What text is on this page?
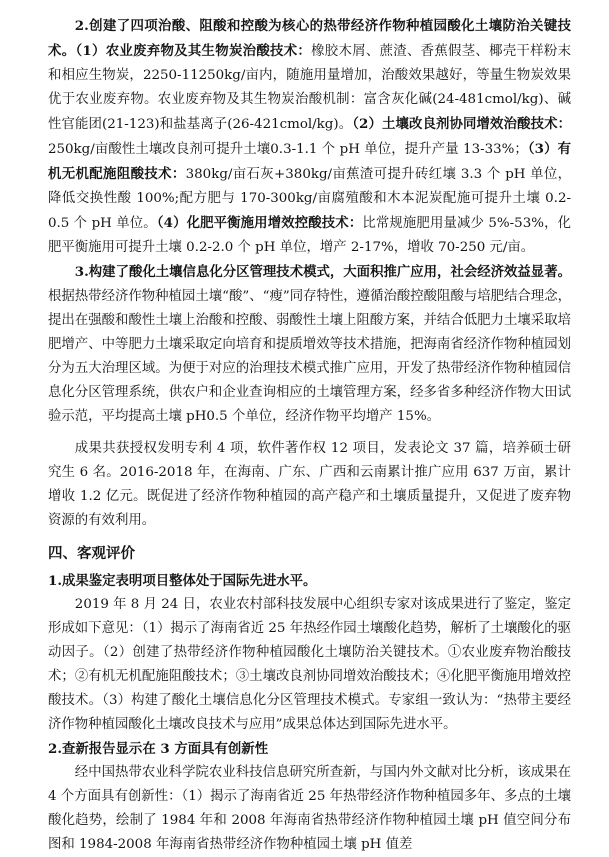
2.创建了四项治酸、阻酸和控酸为核心的热带经济作物种植园酸化土壤防治关键技术。（1）农业废弃物及其生物炭治酸技术：橡胶木屑、蔗渣、香蕉假茎、椰壳干样粉末和相应生物炭，2250-11250kg/亩内，随施用量增加，治酸效果越好，等量生物炭效果优于农业废弃物。农业废弃物及其生物炭治酸机制：富含灰化碱(24-481cmol/kg)、碱性官能团(21-123)和盐基离子(26-421cmol/kg)。（2）土壤改良剂协同增效治酸技术：250kg/亩酸性土壤改良剂可提升土壤0.3-1.1 个 pH 单位，提升产量 13-33%；（3）有机无机配施阻酸技术：380kg/亩石灰+380kg/亩蕉渣可提升砖红壤 3.3 个 pH 单位，降低交换性酸 100%;配方肥与 170-300kg/亩腐殖酸和木本泥炭配施可提升土壤 0.2-0.5 个 pH 单位。（4）化肥平衡施用增效控酸技术：比常规施肥用量减少 5%-53%，化肥平衡施用可提升土壤 0.2-2.0 个 pH 单位，增产 2-17%，增收 70-250 元/亩。

3.构建了酸化土壤信息化分区管理技术模式，大面积推广应用，社会经济效益显著。根据热带经济作物种植园土壤“酸”、“瘦”同存特性，遵循治酸控酸阻酸与培肥结合理念，提出在强酸和酸性土壤上治酸和控酸、弱酸性土壤上阻酸方案，并结合低肥力土壤采取培肥增产、中等肥力土壤采取定向培育和提质增效等技术措施，把海南省经济作物种植园划分为五大治理区域。为便于对应的治理技术模式推广应用，开发了热带经济作物种植园信息化分区管理系统，供农户和企业查询相应的土壤管理方案，经多省多种经济作物大田试验示范，平均提高土壤 pH0.5 个单位，经济作物平均增产 15%。

成果共获授权发明专利 4 项，软件著作权 12 项目，发表论文 37 篇，培养硕士研究生 6 名。2016-2018 年，在海南、广东、广西和云南累计推广应用 637 万亩，累计增收 1.2 亿元。既促进了经济作物种植园的高产稳产和土壤质量提升，又促进了废弃物资源的有效利用。

四、客观评价

1.成果鉴定表明项目整体处于国际先进水平。

2019 年 8 月 24 日，农业农村部科技发展中心组织专家对该成果进行了鉴定，鉴定形成如下意见：（1）揭示了海南省近 25 年热经作园土壤酸化趋势，解析了土壤酸化的驱动因子。（2）创建了热带经济作物种植园酸化土壤防治关键技术。①农业废弃物治酸技术；②有机无机配施阻酸技术；③土壤改良剂协同增效治酸技术；④化肥平衡施用增效控酸技术。（3）构建了酸化土壤信息化分区管理技术模式。专家组一致认为：“热带主要经济作物种植园酸化土壤改良技术与应用”成果总体达到国际先进水平。

2.查新报告显示在 3 方面具有创新性

经中国热带农业科学院农业科技信息研究所查新，与国内外文献对比分析，该成果在 4 个方面具有创新性：（1）揭示了海南省近 25 年热带经济作物种植园多年、多点的土壤酸化趋势，绘制了 1984 年和 2008 年海南省热带经济作物种植园土壤 pH 值空间分布图和 1984-2008 年海南省热带经济作物种植园土壤 pH 值差
